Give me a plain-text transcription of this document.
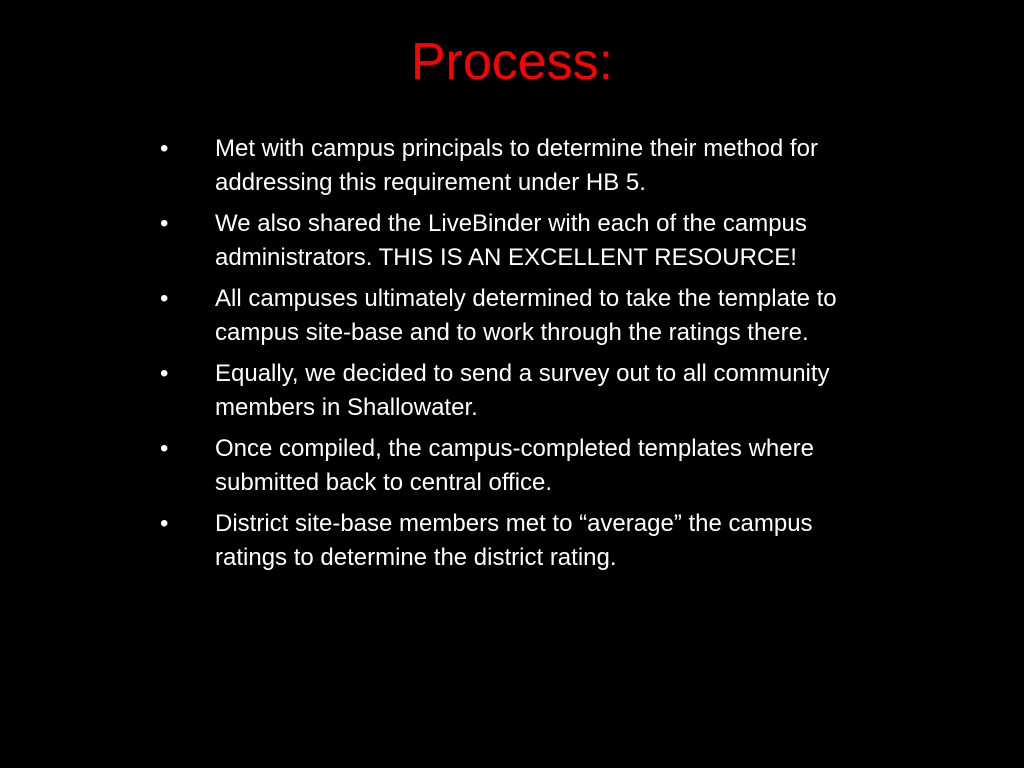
Process:
•	Met with campus principals to determine their method for addressing this requirement under HB 5.
•	We also shared the LiveBinder with each of the campus administrators. THIS IS AN EXCELLENT RESOURCE!
•	All campuses ultimately determined to take the template to campus site-base and to work through the ratings there.
•	Equally, we decided to send a survey out to all community members in Shallowater.
•	Once compiled, the campus-completed templates where submitted back to central office.
•	District site-base members met to “average” the campus ratings to determine the district rating.
